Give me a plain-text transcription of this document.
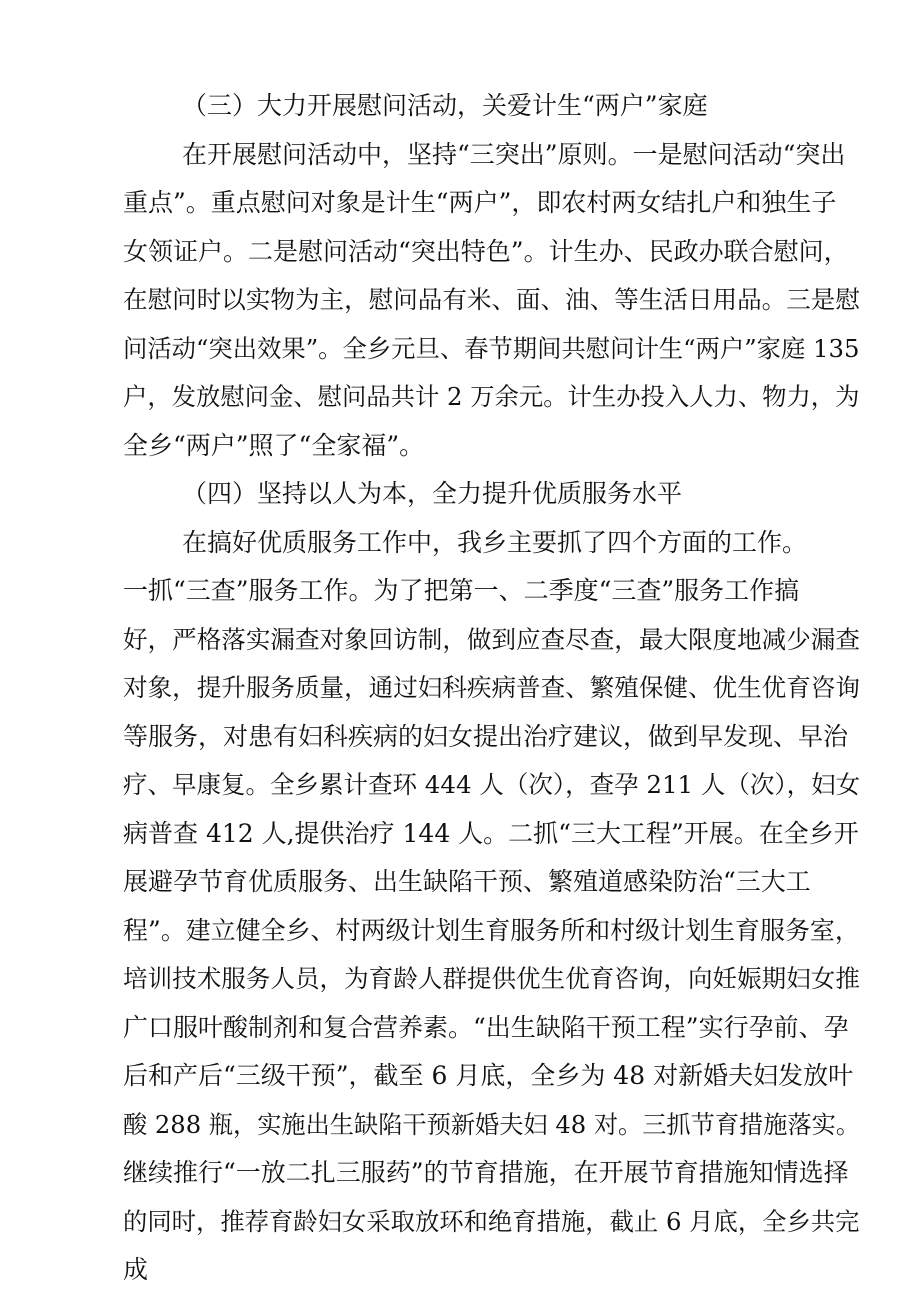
（三）大力开展慰问活动，关爱计生“两户”家庭
在开展慰问活动中，坚持“三突出”原则。一是慰问活动“突出
重点”。重点慰问对象是计生“两户”，即农村两女结扎户和独生子
女领证户。二是慰问活动“突出特色”。计生办、民政办联合慰问，
在慰问时以实物为主，慰问品有米、面、油、等生活日用品。三是慰
问活动“突出效果”。全乡元旦、春节期间共慰问计生“两户”家庭 135
户，发放慰问金、慰问品共计 2 万余元。计生办投入人力、物力，为
全乡“两户”照了“全家福”。
（四）坚持以人为本，全力提升优质服务水平
在搞好优质服务工作中，我乡主要抓了四个方面的工作。
一抓“三查”服务工作。为了把第一、二季度“三查”服务工作搞
好，严格落实漏查对象回访制，做到应查尽查，最大限度地减少漏查
对象，提升服务质量，通过妇科疾病普查、繁殖保健、优生优育咨询
等服务，对患有妇科疾病的妇女提出治疗建议，做到早发现、早治
疗、早康复。全乡累计查环 444 人（次），查孕 211 人（次），妇女
病普查 412 人,提供治疗 144 人。二抓“三大工程”开展。在全乡开
展避孕节育优质服务、出生缺陷干预、繁殖道感染防治“三大工
程”。建立健全乡、村两级计划生育服务所和村级计划生育服务室，
培训技术服务人员，为育龄人群提供优生优育咨询，向妊娠期妇女推
广口服叶酸制剂和复合营养素。“出生缺陷干预工程”实行孕前、孕
后和产后“三级干预”，截至 6 月底，全乡为 48 对新婚夫妇发放叶
酸 288 瓶，实施出生缺陷干预新婚夫妇 48 对。三抓节育措施落实。
继续推行“一放二扎三服药”的节育措施，在开展节育措施知情选择
的同时，推荐育龄妇女采取放环和绝育措施，截止 6 月底，全乡共完
成
